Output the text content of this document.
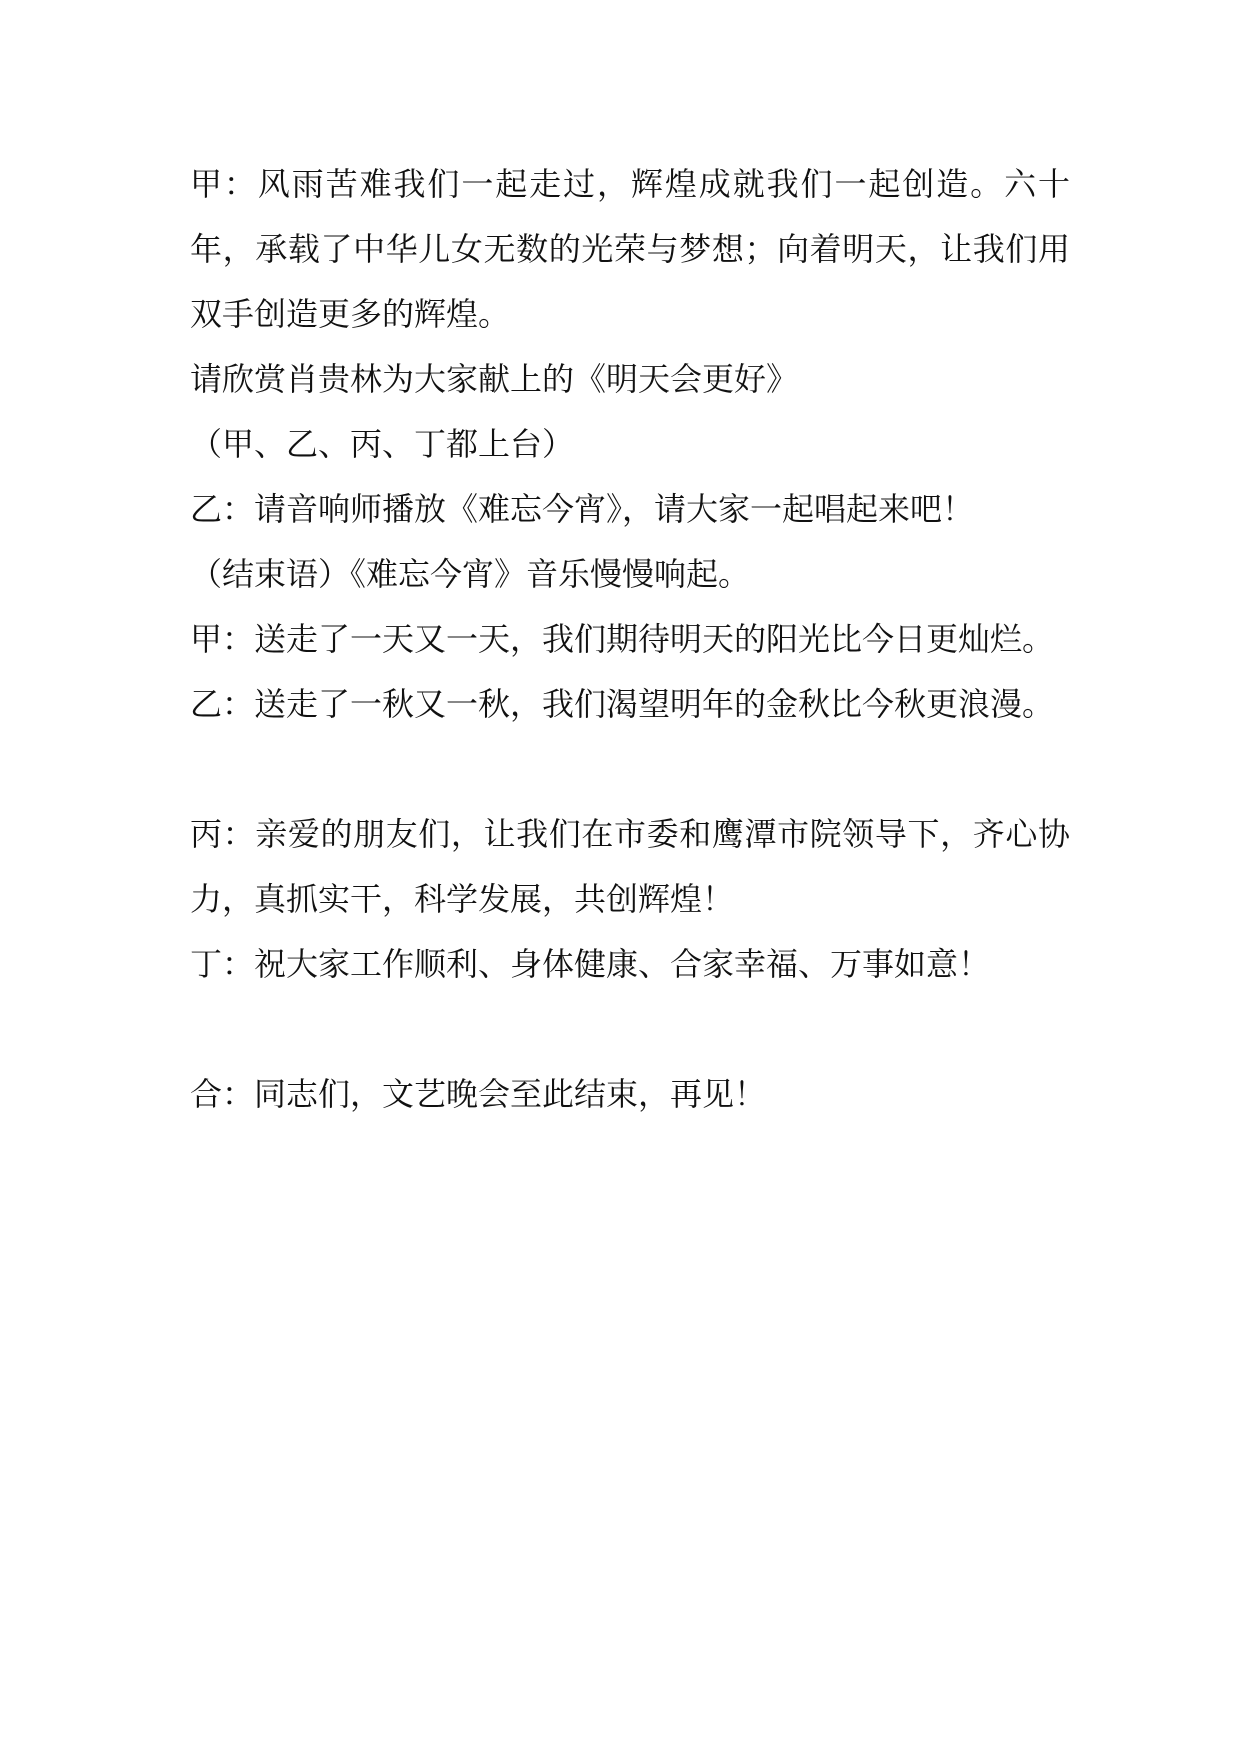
甲：风雨苦难我们一起走过，辉煌成就我们一起创造。六十年，承载了中华儿女无数的光荣与梦想；向着明天，让我们用双手创造更多的辉煌。

请欣赏肖贵林为大家献上的《明天会更好》

（甲、乙、丙、丁都上台）

乙：请音响师播放《难忘今宵》，请大家一起唱起来吧！

（结束语）《难忘今宵》音乐慢慢响起。

甲：送走了一天又一天，我们期待明天的阳光比今日更灿烂。

乙：送走了一秋又一秋，我们渴望明年的金秋比今秋更浪漫。

丙：亲爱的朋友们，让我们在市委和鹰潭市院领导下，齐心协力，真抓实干，科学发展，共创辉煌！

丁：祝大家工作顺利、身体健康、合家幸福、万事如意！

合：同志们，文艺晚会至此结束，再见！
